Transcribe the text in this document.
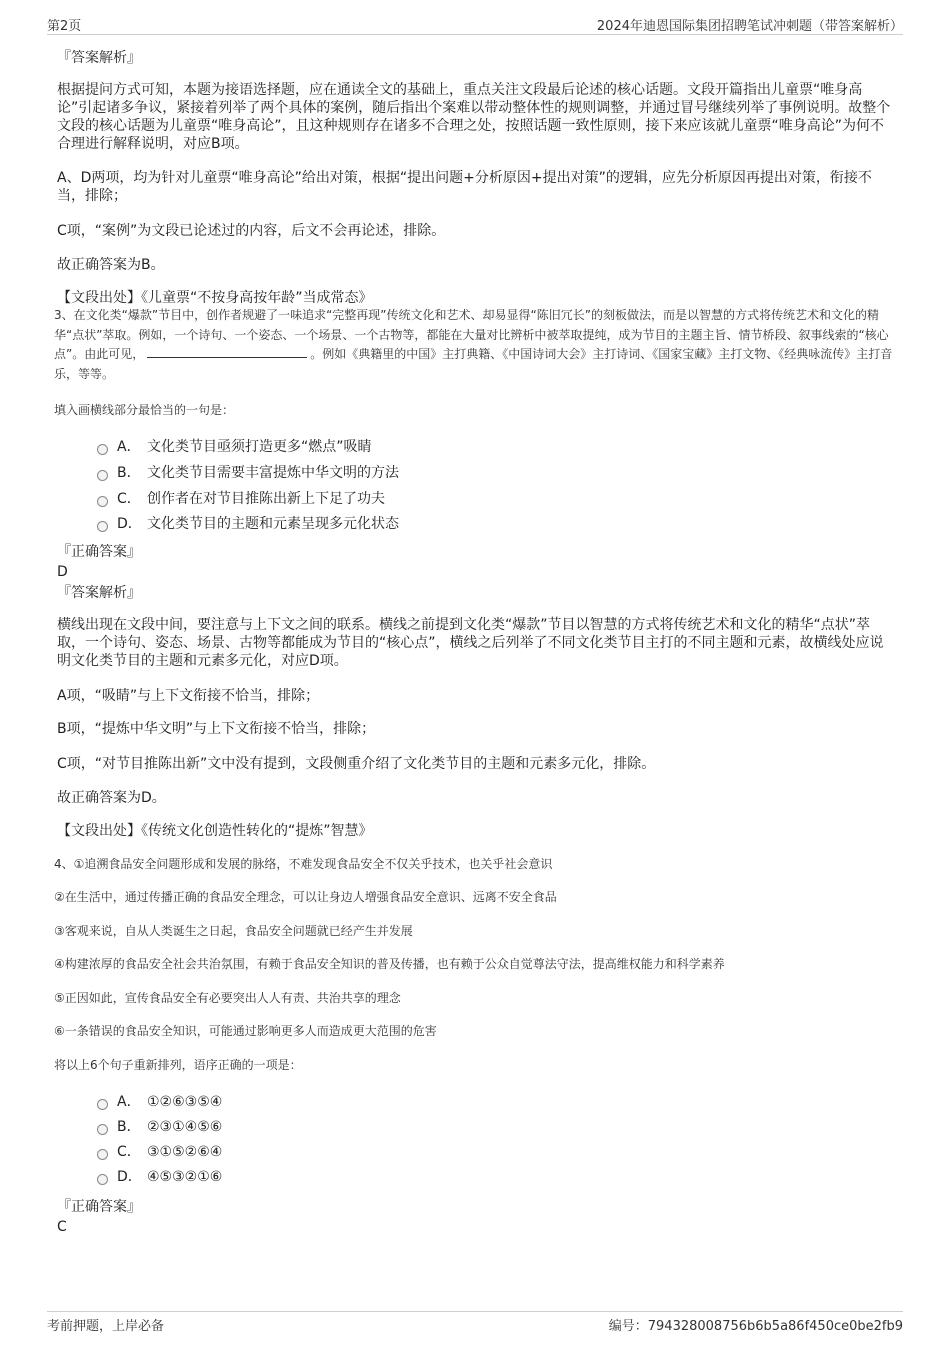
第2页	2024年迪恩国际集团招聘笔试冲刺题（带答案解析）
『答案解析』
根据提问方式可知，本题为接语选择题，应在通读全文的基础上，重点关注文段最后论述的核心话题。文段开篇指出儿童票“唯身高论”引起诸多争议，紧接着列举了两个具体的案例，随后指出个案难以带动整体性的规则调整，并通过冒号继续列举了事例说明。故整个文段的核心话题为儿童票“唯身高论”，且这种规则存在诸多不合理之处，按照话题一致性原则，接下来应该就儿童票“唯身高论”为何不合理进行解释说明，对应B项。
A、D两项，均为针对儿童票“唯身高论”给出对策，根据“提出问题+分析原因+提出对策”的逻辑，应先分析原因再提出对策，衔接不当，排除；
C项，“案例”为文段已论述过的内容，后文不会再论述，排除。
故正确答案为B。
【文段出处】《儿童票“不按身高按年龄”当成常态》
3、在文化类“爆款”节目中，创作者规避了一味追求“完整再现”传统文化和艺术、却易显得“陈旧冗长”的刻板做法，而是以智慧的方式将传统艺术和文化的精华“点状”萃取。例如，一个诗句、一个姿态、一个场景、一个古物等，都能在大量对比辨析中被萃取提纯，成为节目的主题主旨、情节桥段、叙事线索的“核心点”。由此可见，	。例如《典籍里的中国》主打典籍、《中国诗词大会》主打诗词、《国家宝藏》主打文物、《经典咏流传》主打音乐，等等。
填入画横线部分最恰当的一句是：
A． 文化类节目亟须打造更多“燃点”吸睛
B． 文化类节目需要丰富提炼中华文明的方法
C． 创作者在对节目推陈出新上下足了功夫
D． 文化类节目的主题和元素呈现多元化状态
『正确答案』
D
『答案解析』
横线出现在文段中间，要注意与上下文之间的联系。横线之前提到文化类“爆款”节目以智慧的方式将传统艺术和文化的精华“点状”萃取，一个诗句、姿态、场景、古物等都能成为节目的“核心点”，横线之后列举了不同文化类节目主打的不同主题和元素，故横线处应说明文化类节目的主题和元素多元化，对应D项。
A项，“吸睛”与上下文衔接不恰当，排除；
B项，“提炼中华文明”与上下文衔接不恰当，排除；
C项，“对节目推陈出新”文中没有提到，文段侧重介绍了文化类节目的主题和元素多元化，排除。
故正确答案为D。
【文段出处】《传统文化创造性转化的“提炼”智慧》
4、①追溯食品安全问题形成和发展的脉络，不难发现食品安全不仅关乎技术，也关乎社会意识
②在生活中，通过传播正确的食品安全理念，可以让身边人增强食品安全意识、远离不安全食品
③客观来说，自从人类诞生之日起，食品安全问题就已经产生并发展
④构建浓厚的食品安全社会共治氛围，有赖于食品安全知识的普及传播，也有赖于公众自觉尊法守法，提高维权能力和科学素养
⑤正因如此，宣传食品安全有必要突出人人有责、共治共享的理念
⑥一条错误的食品安全知识，可能通过影响更多人而造成更大范围的危害
将以上6个句子重新排列，语序正确的一项是：
A． ①②⑥③⑤④
B． ②③①④⑤⑥
C． ③①⑤②⑥④
D． ④⑤③②①⑥
『正确答案』
C
考前押题，上岸必备	编号：794328008756b6b5a86f450ce0be2fb9
